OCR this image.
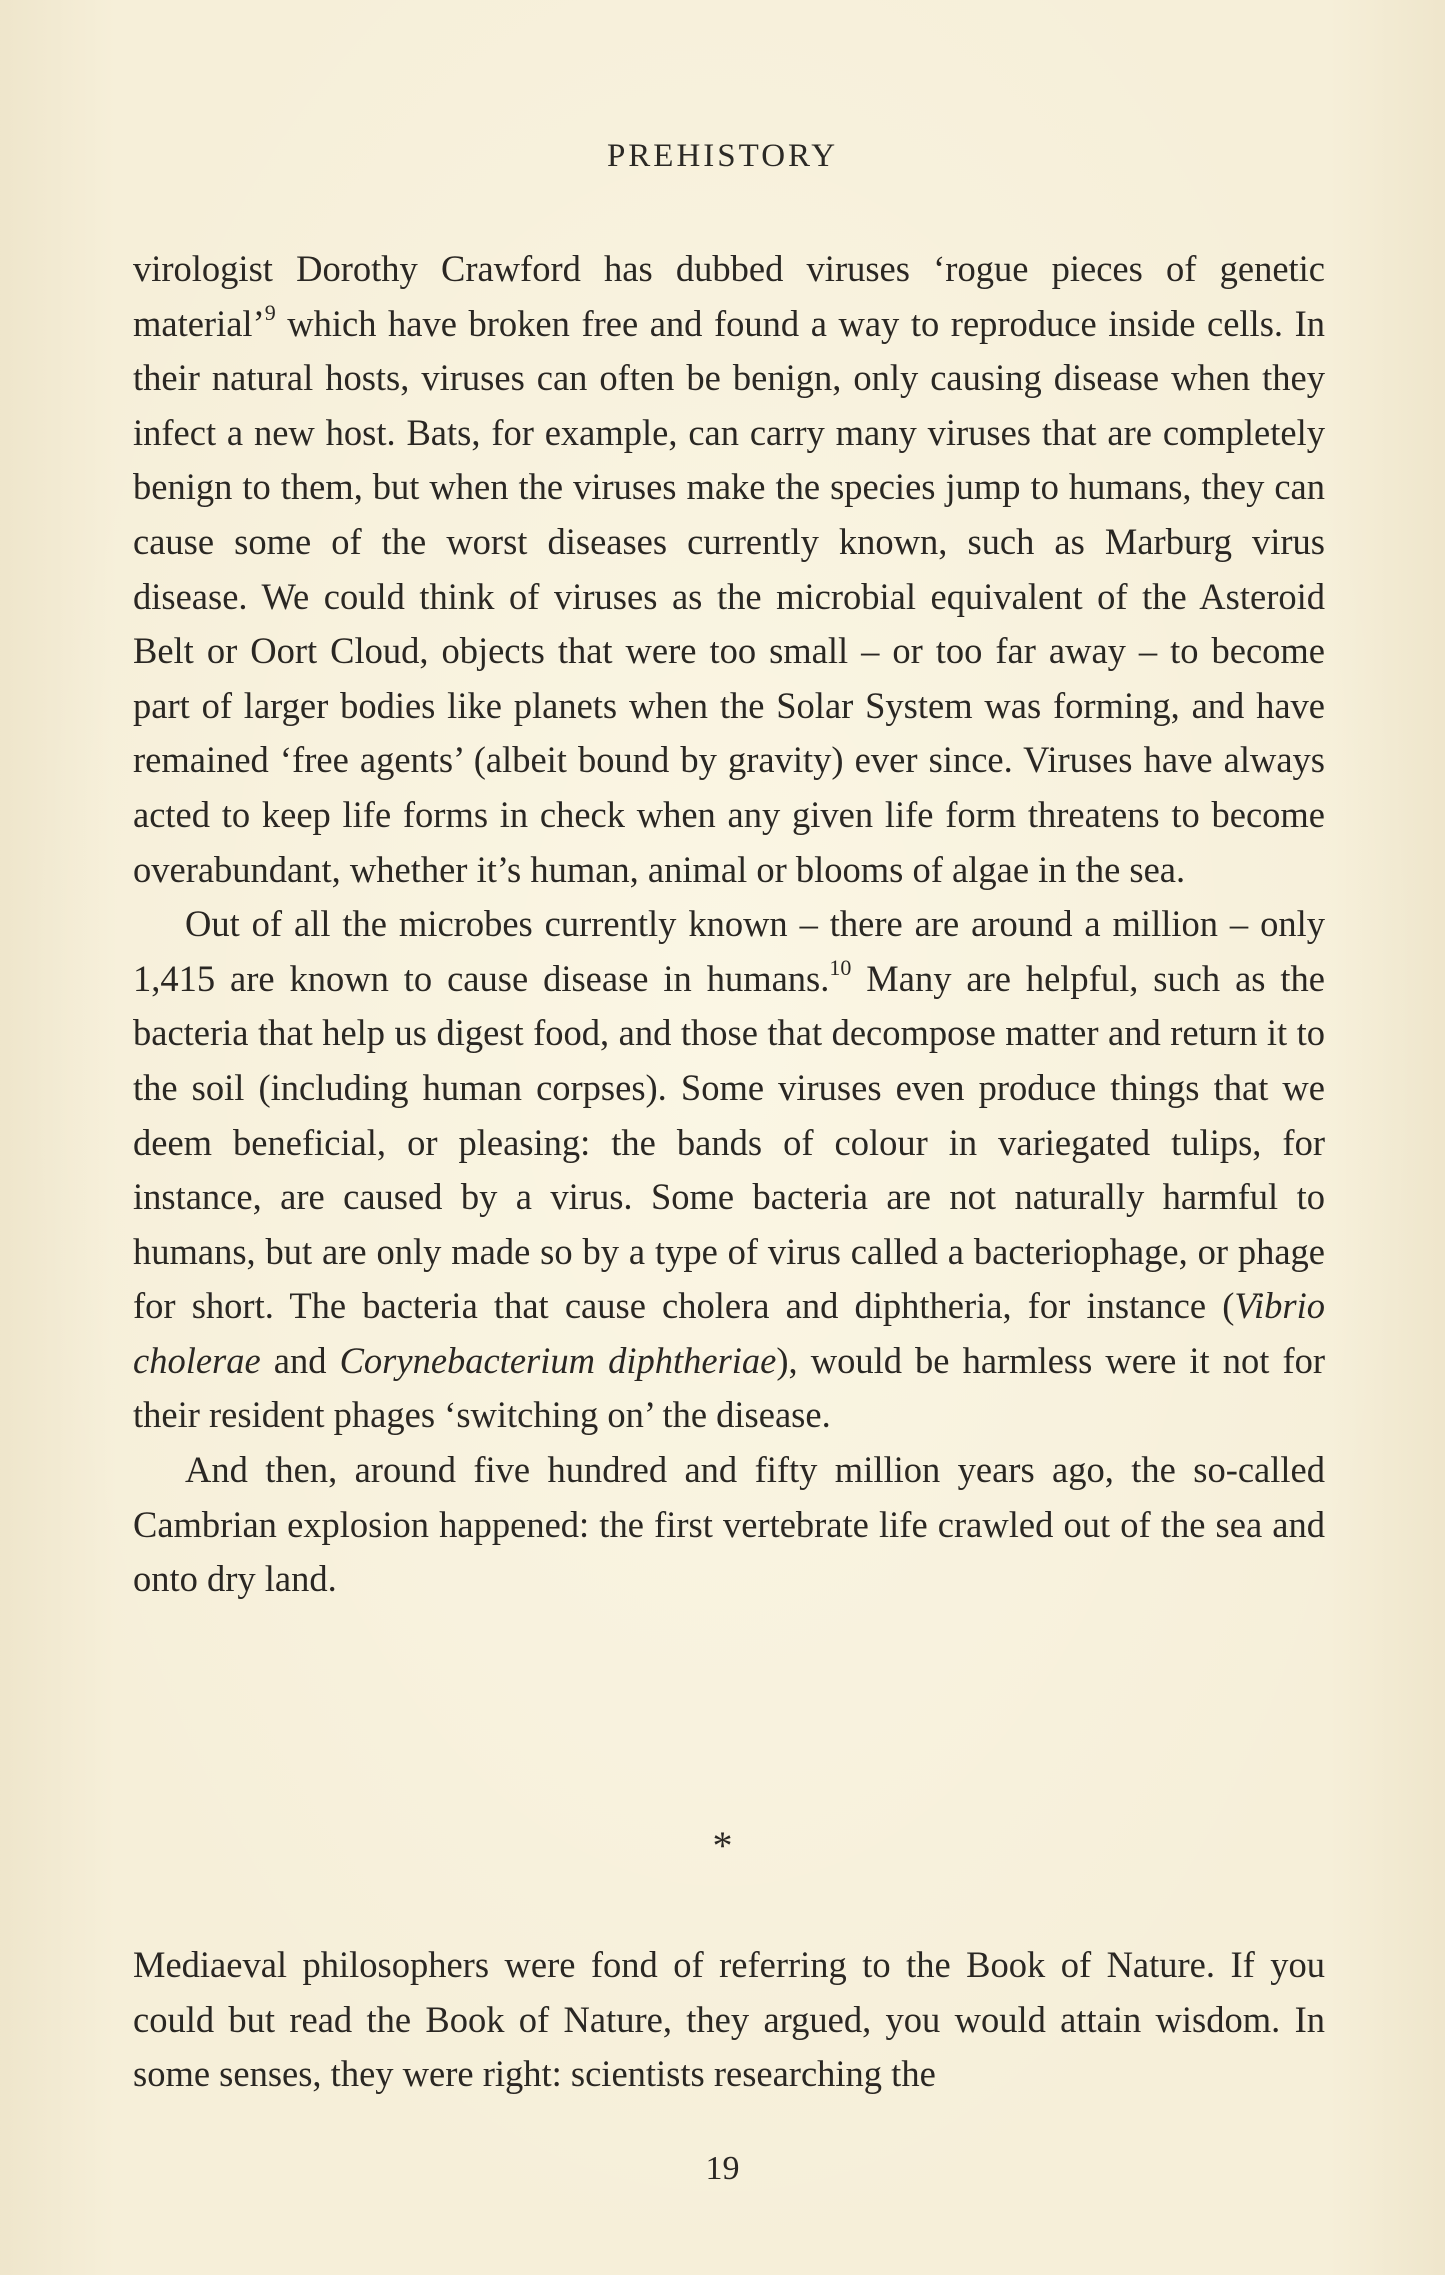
PREHISTORY

virologist Dorothy Crawford has dubbed viruses ‘rogue pieces of genetic material’$^9$ which have broken free and found a way to reproduce inside cells. In their natural hosts, viruses can often be benign, only causing disease when they infect a new host. Bats, for example, can carry many viruses that are completely benign to them, but when the viruses make the species jump to humans, they can cause some of the worst diseases currently known, such as Marburg virus disease. We could think of viruses as the microbial equivalent of the Asteroid Belt or Oort Cloud, objects that were too small – or too far away – to become part of larger bodies like planets when the Solar System was forming, and have remained ‘free agents’ (albeit bound by gravity) ever since. Viruses have always acted to keep life forms in check when any given life form threatens to become overabundant, whether it’s human, animal or blooms of algae in the sea.

Out of all the microbes currently known – there are around a million – only 1,415 are known to cause disease in humans.$^{10}$ Many are helpful, such as the bacteria that help us digest food, and those that decompose matter and return it to the soil (including human corpses). Some viruses even produce things that we deem beneficial, or pleasing: the bands of colour in variegated tulips, for instance, are caused by a virus. Some bacteria are not naturally harmful to humans, but are only made so by a type of virus called a bacteriophage, or phage for short. The bacteria that cause cholera and diphtheria, for instance (Vibrio cholerae and Corynebacterium diphtheriae), would be harmless were it not for their resident phages ‘switching on’ the disease.

And then, around five hundred and fifty million years ago, the so-called Cambrian explosion happened: the first vertebrate life crawled out of the sea and onto dry land.

*

Mediaeval philosophers were fond of referring to the Book of Nature. If you could but read the Book of Nature, they argued, you would attain wisdom. In some senses, they were right: scientists researching the

19
